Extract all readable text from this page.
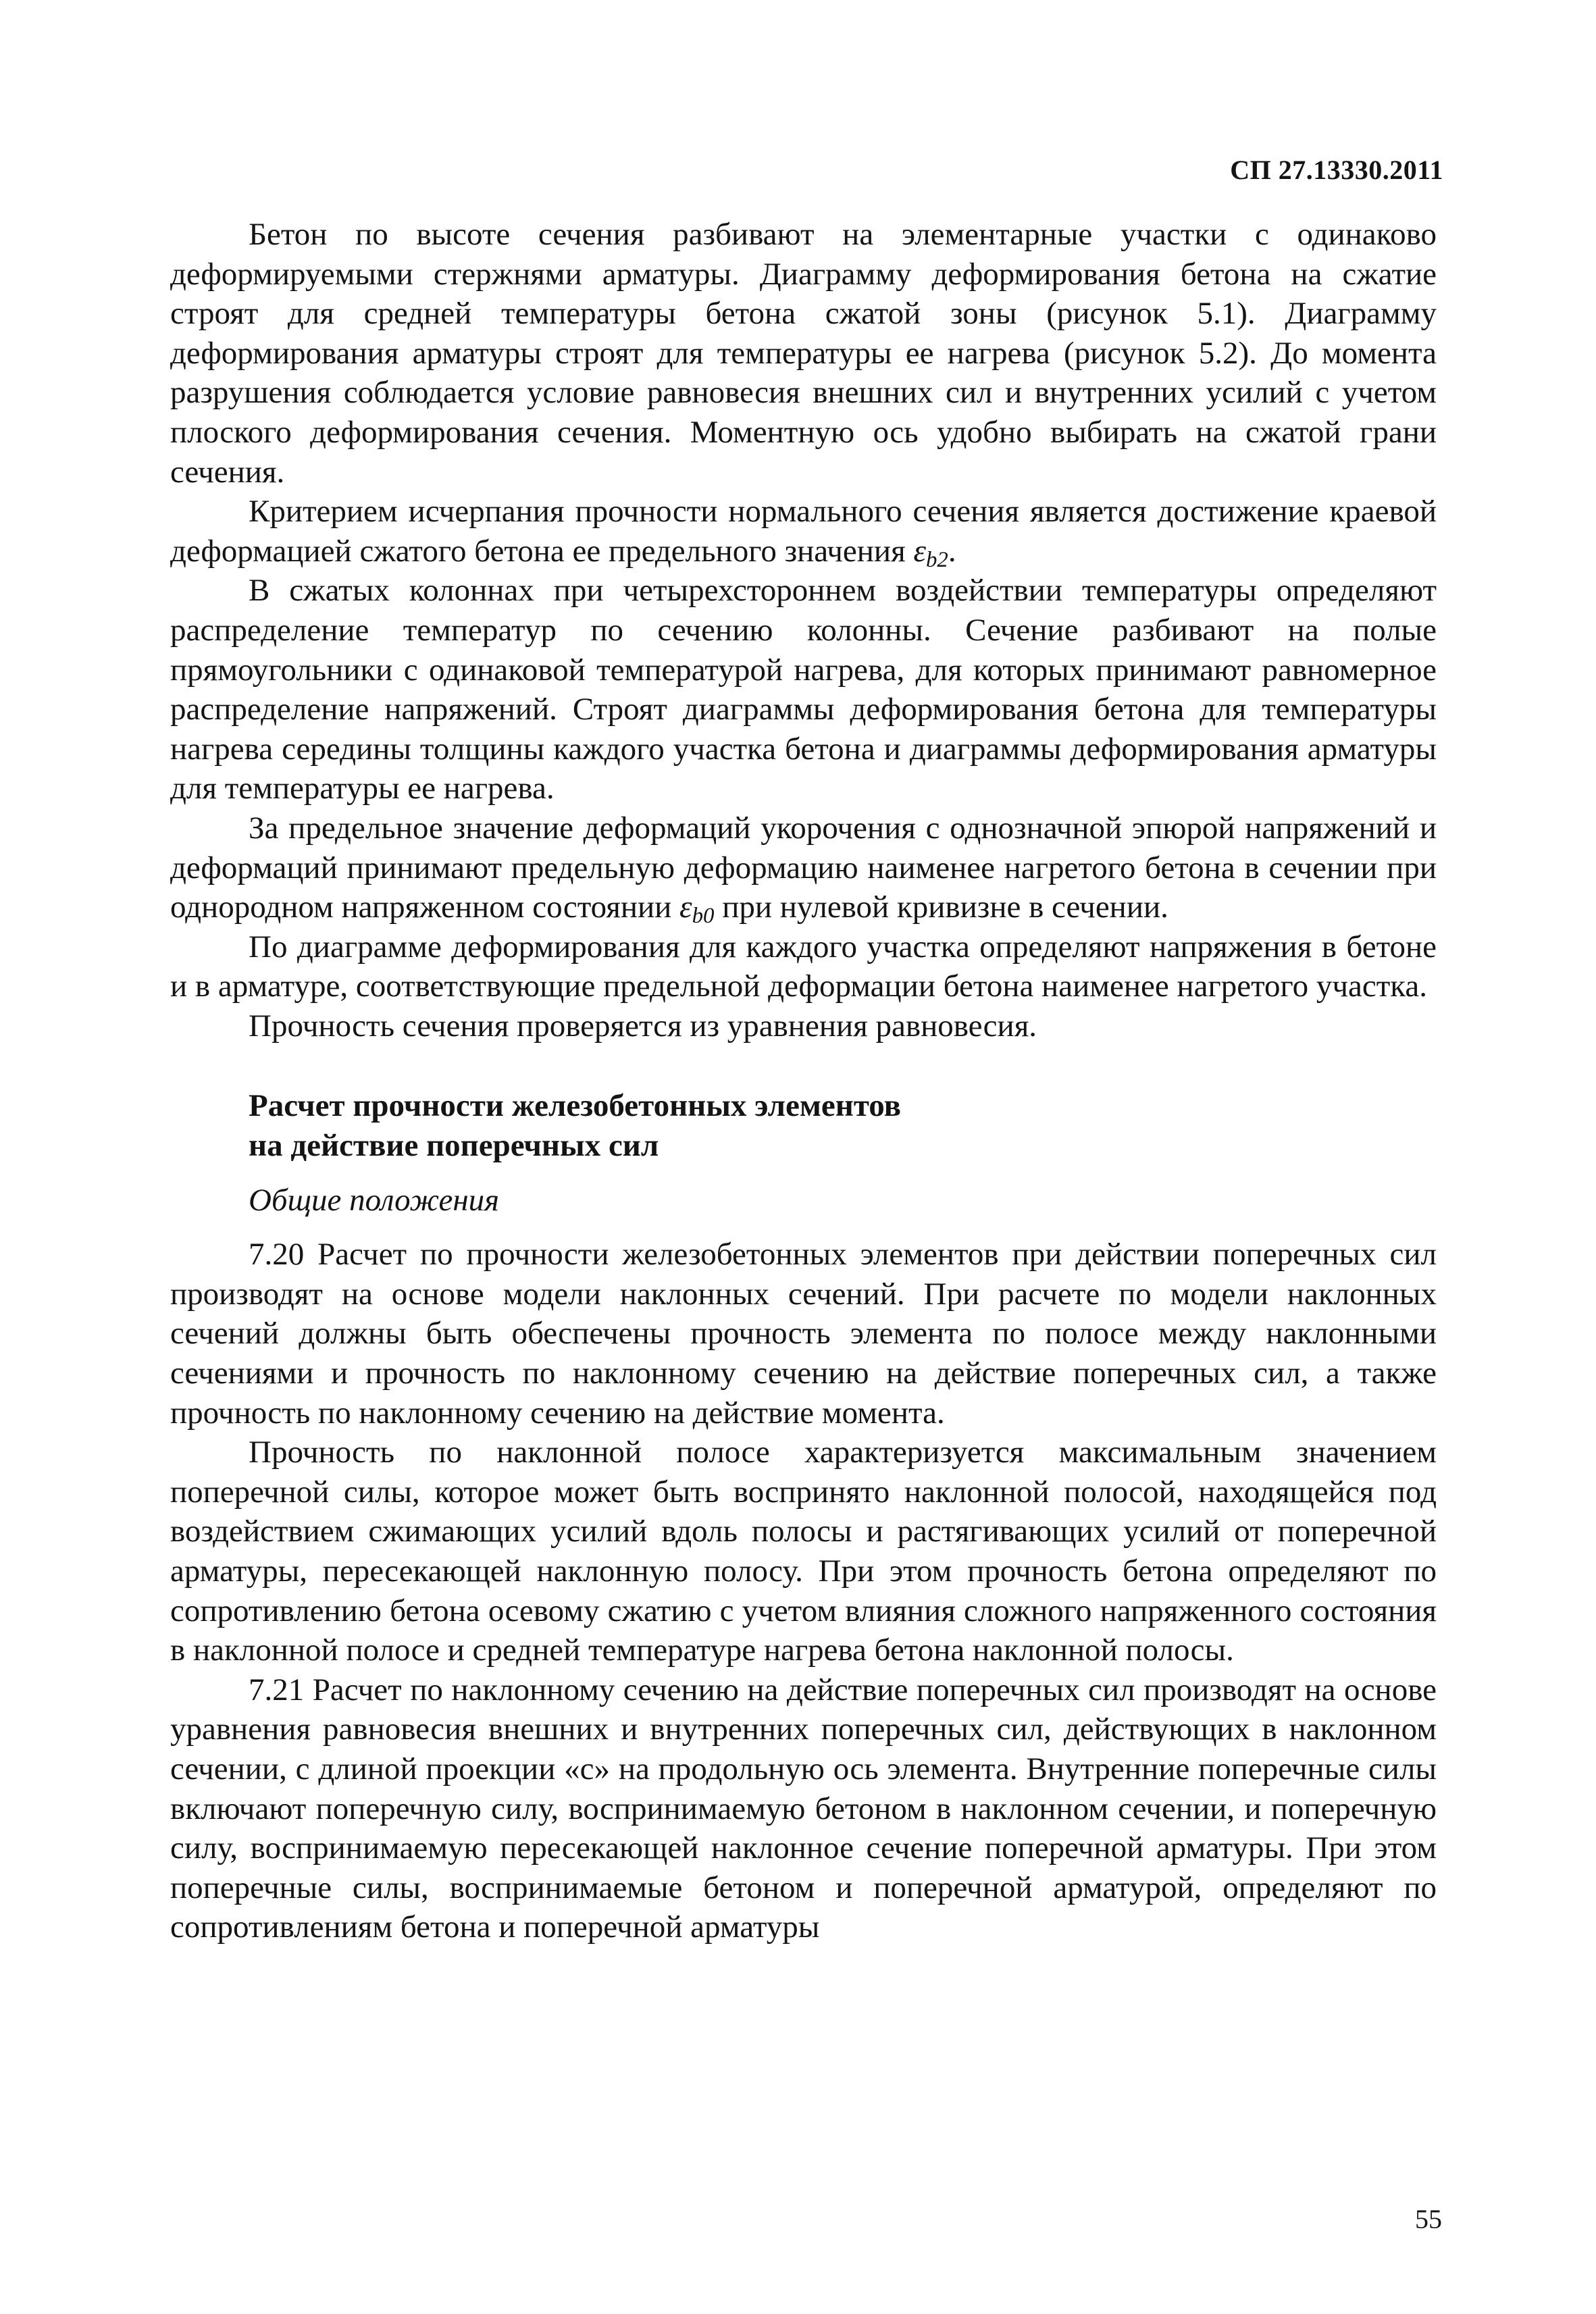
СП 27.13330.2011

Бетон по высоте сечения разбивают на элементарные участки с одинаково деформируемыми стержнями арматуры. Диаграмму деформирования бетона на сжатие строят для средней температуры бетона сжатой зоны (рисунок 5.1). Диаграмму деформирования арматуры строят для температуры ее нагрева (рисунок 5.2). До момента разрушения соблюдается условие равновесия внешних сил и внутренних усилий с учетом плоского деформирования сечения. Моментную ось удобно выбирать на сжатой грани сечения.

Критерием исчерпания прочности нормального сечения является достижение краевой деформацией сжатого бетона ее предельного значения $\varepsilon_{b2}$.

В сжатых колоннах при четырехстороннем воздействии температуры определяют распределение температур по сечению колонны. Сечение разбивают на полые прямоугольники с одинаковой температурой нагрева, для которых принимают равномерное распределение напряжений. Строят диаграммы деформирования бетона для температуры нагрева середины толщины каждого участка бетона и диаграммы деформирования арматуры для температуры ее нагрева.

За предельное значение деформаций укорочения с однозначной эпюрой напряжений и деформаций принимают предельную деформацию наименее нагретого бетона в сечении при однородном напряженном состоянии $\varepsilon_{b0}$ при нулевой кривизне в сечении.

По диаграмме деформирования для каждого участка определяют напряжения в бетоне и в арматуре, соответствующие предельной деформации бетона наименее нагретого участка.

Прочность сечения проверяется из уравнения равновесия.

Расчет прочности железобетонных элементов
на действие поперечных сил

Общие положения

7.20 Расчет по прочности железобетонных элементов при действии поперечных сил производят на основе модели наклонных сечений. При расчете по модели наклонных сечений должны быть обеспечены прочность элемента по полосе между наклонными сечениями и прочность по наклонному сечению на действие поперечных сил, а также прочность по наклонному сечению на действие момента.

Прочность по наклонной полосе характеризуется максимальным значением поперечной силы, которое может быть воспринято наклонной полосой, находящейся под воздействием сжимающих усилий вдоль полосы и растягивающих усилий от поперечной арматуры, пересекающей наклонную полосу. При этом прочность бетона определяют по сопротивлению бетона осевому сжатию с учетом влияния сложного напряженного состояния в наклонной полосе и средней температуре нагрева бетона наклонной полосы.

7.21 Расчет по наклонному сечению на действие поперечных сил производят на основе уравнения равновесия внешних и внутренних поперечных сил, действующих в наклонном сечении, с длиной проекции «с» на продольную ось элемента. Внутренние поперечные силы включают поперечную силу, воспринимаемую бетоном в наклонном сечении, и поперечную силу, воспринимаемую пересекающей наклонное сечение поперечной арматуры. При этом поперечные силы, воспринимаемые бетоном и поперечной арматурой, определяют по сопротивлениям бетона и поперечной арматуры

55
